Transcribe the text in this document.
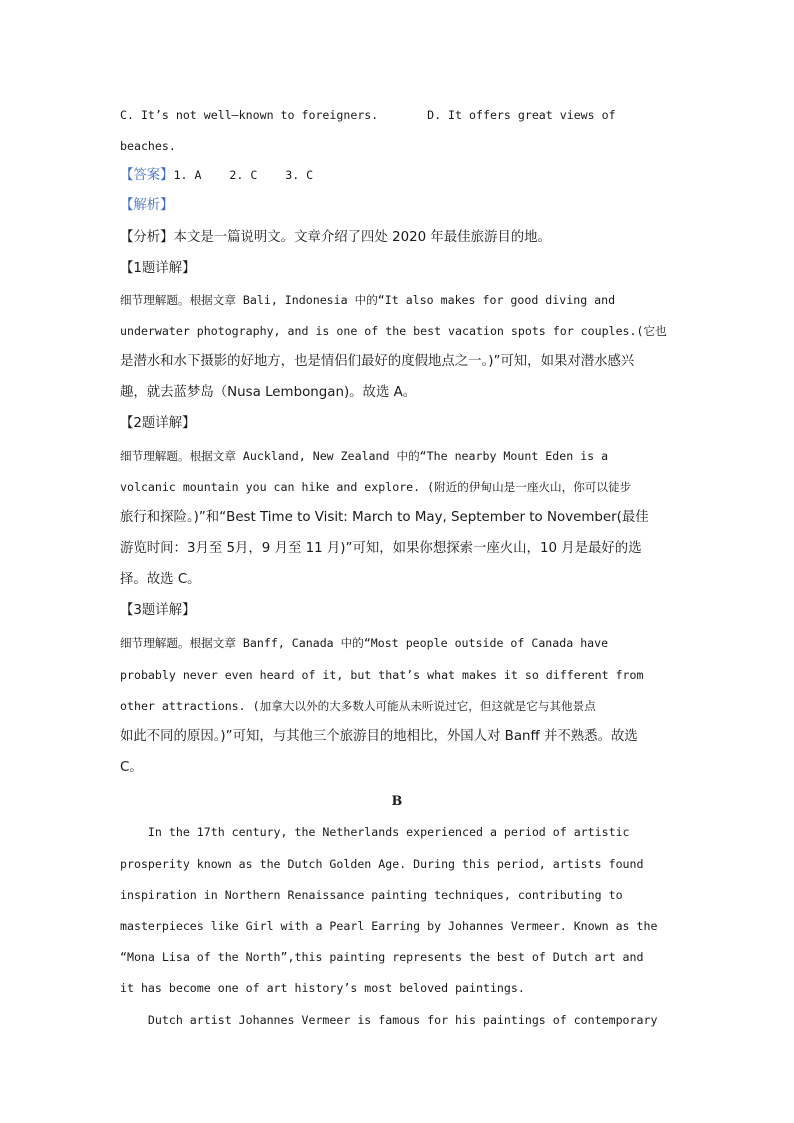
C. It’s not well—known to foreigners.       D. It offers great views of
beaches.
【答案】1. A    2. C    3. C
【解析】
【分析】本文是一篇说明文。文章介绍了四处 2020 年最佳旅游目的地。
【1题详解】
细节理解题。根据文章 Bali, Indonesia 中的“It also makes for good diving and
underwater photography, and is one of the best vacation spots for couples.(它也
是潜水和水下摄影的好地方，也是情侣们最好的度假地点之一。)”可知，如果对潜水感兴
趣，就去蓝梦岛（Nusa Lembongan)。故选 A。
【2题详解】
细节理解题。根据文章 Auckland, New Zealand 中的“The nearby Mount Eden is a
volcanic mountain you can hike and explore. (附近的伊甸山是一座火山，你可以徒步
旅行和探险。)”和“Best Time to Visit: March to May, September to November(最佳
游览时间：3月至 5月，9 月至 11 月)”可知，如果你想探索一座火山，10 月是最好的选
择。故选 C。
【3题详解】
细节理解题。根据文章 Banff, Canada 中的“Most people outside of Canada have
probably never even heard of it, but that’s what makes it so different from
other attractions. (加拿大以外的大多数人可能从未听说过它，但这就是它与其他景点
如此不同的原因。)”可知，与其他三个旅游目的地相比，外国人对 Banff 并不熟悉。故选
C。
B
In the 17th century, the Netherlands experienced a period of artistic
prosperity known as the Dutch Golden Age. During this period, artists found
inspiration in Northern Renaissance painting techniques, contributing to
masterpieces like Girl with a Pearl Earring by Johannes Vermeer. Known as the
“Mona Lisa of the North”,this painting represents the best of Dutch art and
it has become one of art history’s most beloved paintings.
Dutch artist Johannes Vermeer is famous for his paintings of contemporary
